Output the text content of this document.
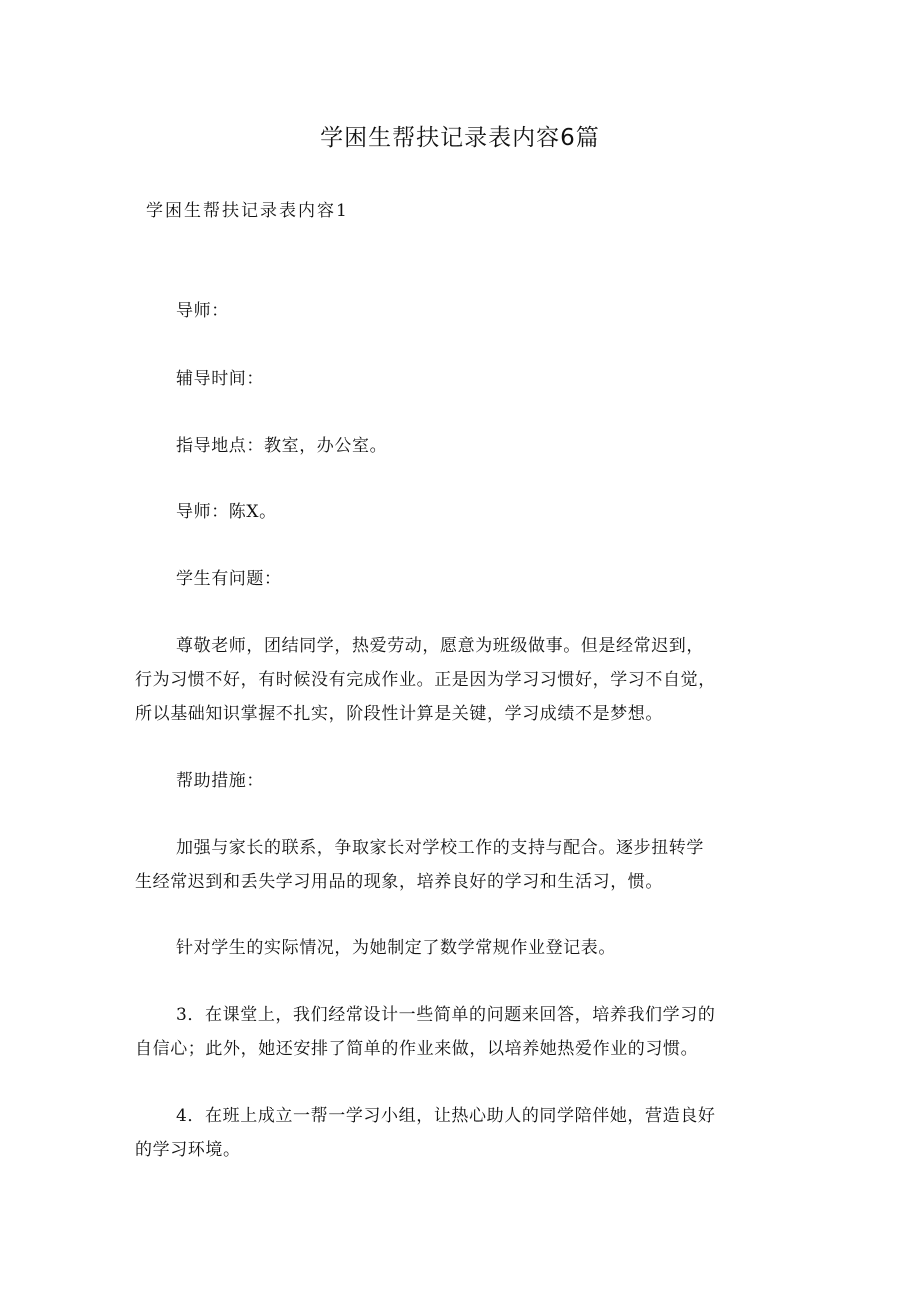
学困生帮扶记录表内容6篇
学困生帮扶记录表内容1
导师：
辅导时间：
指导地点：教室，办公室。
导师：陈X。
学生有问题：
尊敬老师，团结同学，热爱劳动，愿意为班级做事。但是经常迟到，
行为习惯不好，有时候没有完成作业。正是因为学习习惯好，学习不自觉，
所以基础知识掌握不扎实，阶段性计算是关键，学习成绩不是梦想。
帮助措施：
加强与家长的联系，争取家长对学校工作的支持与配合。逐步扭转学
生经常迟到和丢失学习用品的现象，培养良好的学习和生活习，惯。
针对学生的实际情况，为她制定了数学常规作业登记表。
3．在课堂上，我们经常设计一些简单的问题来回答，培养我们学习的
自信心；此外，她还安排了简单的作业来做，以培养她热爱作业的习惯。
4．在班上成立一帮一学习小组，让热心助人的同学陪伴她，营造良好
的学习环境。
